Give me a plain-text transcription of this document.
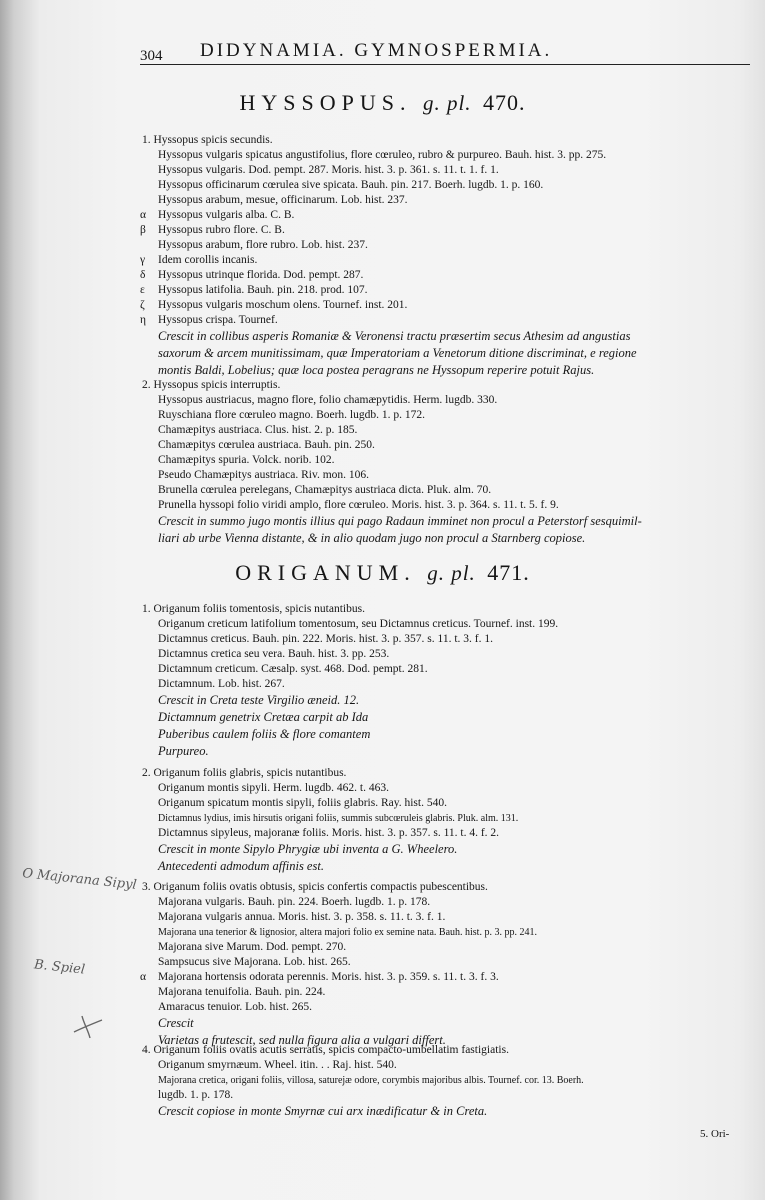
304 DIDYNAMIA. GYMNOSPERMIA.
HYSSOPUS. g. pl. 470.
1. Hyssopus spicis secundis.
Hyssopus vulgaris spicatus angustifolius, flore cœruleo, rubro & purpureo. Bauh. hist. 3. pp. 275.
Hyssopus vulgaris. Dod. pempt. 287. Moris. hist. 3. p. 361. s. 11. t. 1. f. 1.
Hyssopus officinarum cœrulea sive spicata. Bauh. pin. 217. Boerh. lugdb. 1. p. 160.
Hyssopus arabum, mesue, officinarum. Lob. hist. 237.
α Hyssopus vulgaris alba. C. B.
β Hyssopus rubro flore. C. B.
Hyssopus arabum, flore rubro. Lob. hist. 237.
γ Idem corollis incanis.
δ Hyssopus utrinque florida. Dod. pempt. 287.
ε Hyssopus latifolia. Bauh. pin. 218. prod. 107.
ζ Hyssopus vulgaris moschum olens. Tournef. inst. 201.
η Hyssopus crispa. Tournef.
Crescit in collibus asperis Romaniæ & Veronensi tractu præsertim secus Athesim ad angustias
saxorum & arcem munitissimam, quæ Imperatoriam a Venetorum ditione discriminat, e regione
montis Baldi, Lobelius; quæ loca postea peragrans ne Hyssopum reperire potuit Rajus.
2. Hyssopus spicis interruptis.
Hyssopus austriacus, magno flore, folio chamæpytidis. Herm. lugdb. 330.
Ruyschiana flore cœruleo magno. Boerh. lugdb. 1. p. 172.
Chamæpitys austriaca. Clus. hist. 2. p. 185.
Chamæpitys cœrulea austriaca. Bauh. pin. 250.
Chamæpitys spuria. Volck. norib. 102.
Pseudo Chamæpitys austriaca. Riv. mon. 106.
Brunella cœrulea perelegans, Chamæpitys austriaca dicta. Pluk. alm. 70.
Prunella hyssopi folio viridi amplo, flore cœruleo. Moris. hist. 3. p. 364. s. 11. t. 5. f. 9.
Crescit in summo jugo montis illius qui pago Radaun imminet non procul a Peterstorf sesquimil-
liari ab urbe Vienna distante, & in alio quodam jugo non procul a Starnberg copiose.
ORIGANUM. g. pl. 471.
1. Origanum foliis tomentosis, spicis nutantibus.
Origanum creticum latifolium tomentosum, seu Dictamnus creticus. Tournef. inst. 199.
Dictamnus creticus. Bauh. pin. 222. Moris. hist. 3. p. 357. s. 11. t. 3. f. 1.
Dictamnus cretica seu vera. Bauh. hist. 3. pp. 253.
Dictamnum creticum. Cæsalp. syst. 468. Dod. pempt. 281.
Dictamnum. Lob. hist. 267.
Crescit in Creta teste Virgilio æneid. 12.
Dictamnum genetrix Cretæa carpit ab Ida
Puberibus caulem foliis & flore comantem
Purpureo.
2. Origanum foliis glabris, spicis nutantibus.
Origanum montis sipyli. Herm. lugdb. 462. t. 463.
Origanum spicatum montis sipyli, foliis glabris. Ray. hist. 540.
Dictamnus lydius, imis hirsutis origani foliis, summis subcœruleis glabris. Pluk. alm. 131.
Dictamnus sipyleus, majoranæ foliis. Moris. hist. 3. p. 357. s. 11. t. 4. f. 2.
Crescit in monte Sipylo Phrygiæ ubi inventa a G. Wheelero.
Antecedenti admodum affinis est.
3. Origanum foliis ovatis obtusis, spicis confertis compactis pubescentibus.
Majorana vulgaris. Bauh. pin. 224. Boerh. lugdb. 1. p. 178.
Majorana vulgaris annua. Moris. hist. 3. p. 358. s. 11. t. 3. f. 1.
Majorana una tenerior & lignosior, altera majori folio ex semine nata. Bauh. hist. p. 3. pp. 241.
Majorana sive Marum. Dod. pempt. 270.
Sampsucus sive Majorana. Lob. hist. 265.
α Majorana hortensis odorata perennis. Moris. hist. 3. p. 359. s. 11. t. 3. f. 3.
Majorana tenuifolia. Bauh. pin. 224.
Amaracus tenuior. Lob. hist. 265.
Crescit
Varietas a frutescit, sed nulla figura alia a vulgari differt.
4. Origanum foliis ovatis acutis serratis, spicis compacto-umbellatim fastigiatis.
Origanum smyrnæum. Wheel. itin. . . Raj. hist. 540.
Majorana cretica, origani foliis, villosa, saturejæ odore, corymbis majoribus albis. Tournef. cor. 13. Boerh.
lugdb. 1. p. 178.
Crescit copiose in monte Smyrnæ cui arx inædificatur & in Creta.
5. Ori-
O Majorana Sipyl
B. Spiel
